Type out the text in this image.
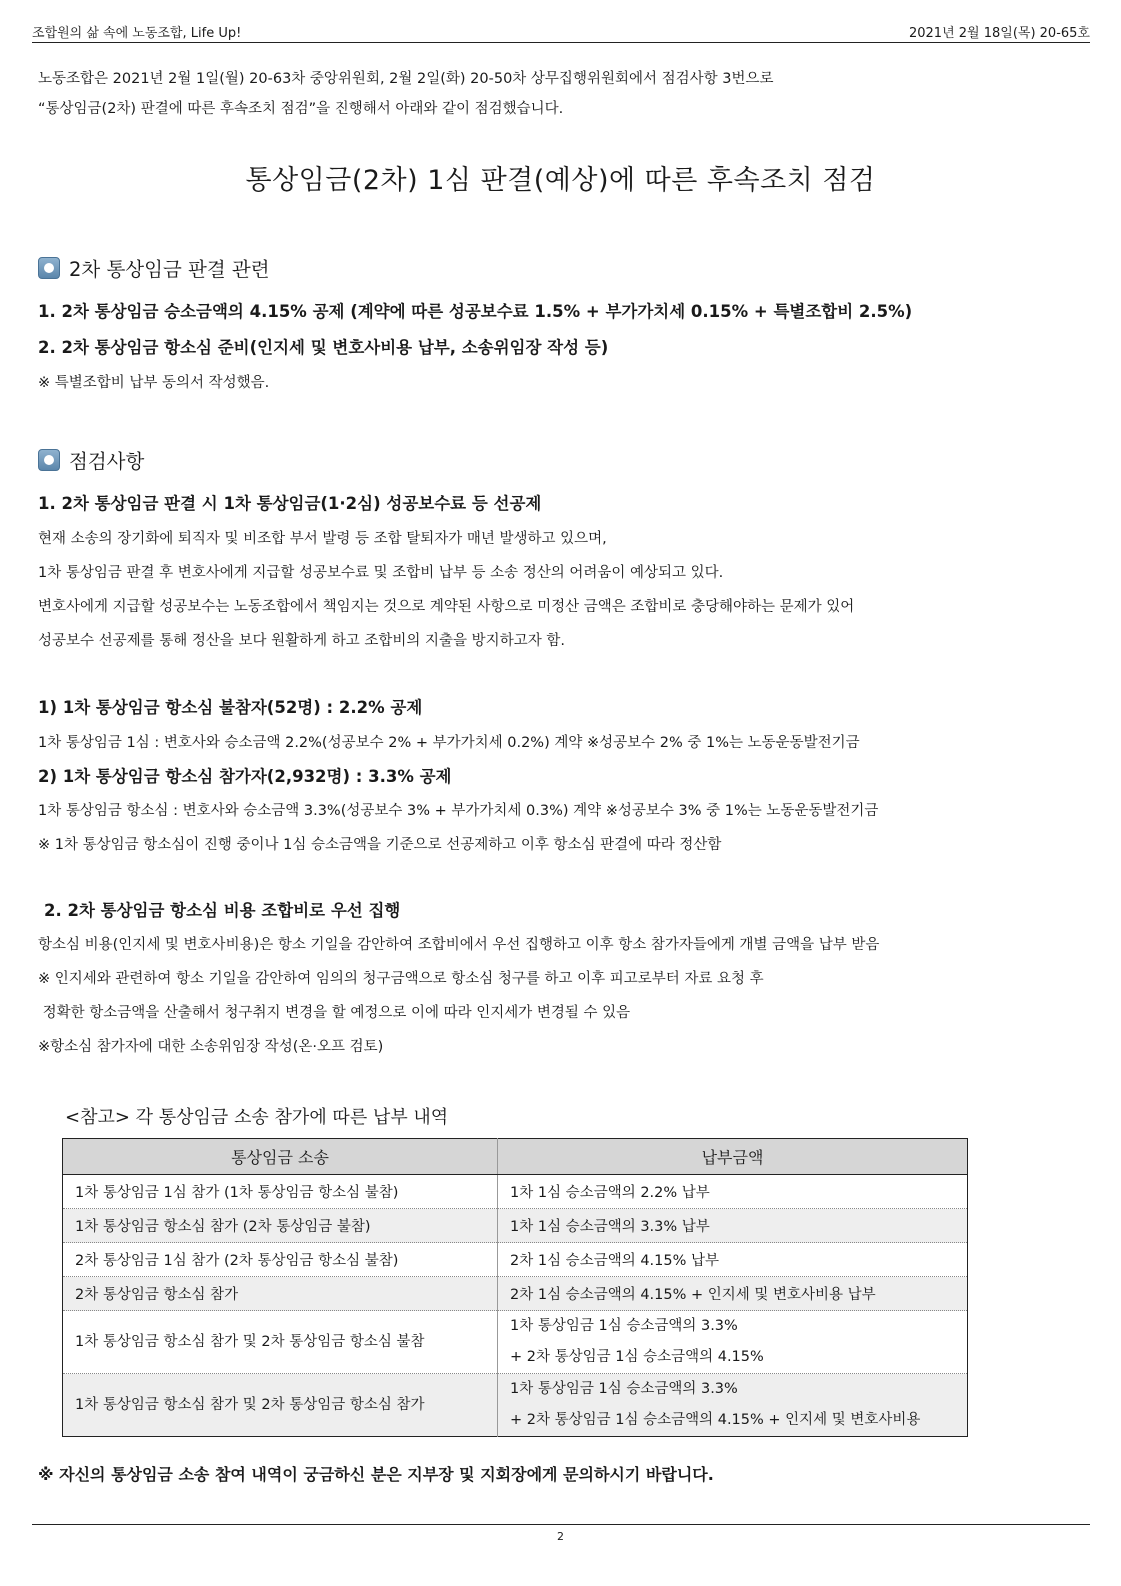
조합원의 삶 속에 노동조합, Life Up!	2021년 2월 18일(목) 20-65호
노동조합은 2021년 2월 1일(월) 20-63차 중앙위원회, 2월 2일(화) 20-50차 상무집행위원회에서 점검사항 3번으로
“통상임금(2차) 판결에 따른 후속조치 점검”을 진행해서 아래와 같이 점검했습니다.
통상임금(2차) 1심 판결(예상)에 따른 후속조치 점검
2차 통상임금 판결 관련
1. 2차 통상임금 승소금액의 4.15% 공제 (계약에 따른 성공보수료 1.5% + 부가가치세 0.15% + 특별조합비 2.5%)
2. 2차 통상임금 항소심 준비(인지세 및 변호사비용 납부, 소송위임장 작성 등)
※ 특별조합비 납부 동의서 작성했음.
점검사항
1. 2차 통상임금 판결 시 1차 통상임금(1·2심) 성공보수료 등 선공제
현재 소송의 장기화에 퇴직자 및 비조합 부서 발령 등 조합 탈퇴자가 매년 발생하고 있으며,
1차 통상임금 판결 후 변호사에게 지급할 성공보수료 및 조합비 납부 등 소송 정산의 어려움이 예상되고 있다.
변호사에게 지급할 성공보수는 노동조합에서 책임지는 것으로 계약된 사항으로 미정산 금액은 조합비로 충당해야하는 문제가 있어
성공보수 선공제를 통해 정산을 보다 원활하게 하고 조합비의 지출을 방지하고자 함.
1) 1차 통상임금 항소심 불참자(52명) : 2.2% 공제
1차 통상임금 1심 : 변호사와 승소금액 2.2%(성공보수 2% + 부가가치세 0.2%) 계약 ※성공보수 2% 중 1%는 노동운동발전기금
2) 1차 통상임금 항소심 참가자(2,932명) : 3.3% 공제
1차 통상임금 항소심 : 변호사와 승소금액 3.3%(성공보수 3% + 부가가치세 0.3%) 계약 ※성공보수 3% 중 1%는 노동운동발전기금
※ 1차 통상임금 항소심이 진행 중이나 1심 승소금액을 기준으로 선공제하고 이후 항소심 판결에 따라 정산함
2. 2차 통상임금 항소심 비용 조합비로 우선 집행
항소심 비용(인지세 및 변호사비용)은 항소 기일을 감안하여 조합비에서 우선 집행하고 이후 항소 참가자들에게 개별 금액을 납부 받음
※ 인지세와 관련하여 항소 기일을 감안하여 임의의 청구금액으로 항소심 청구를 하고 이후 피고로부터 자료 요청 후
정확한 항소금액을 산출해서 청구취지 변경을 할 예정으로 이에 따라 인지세가 변경될 수 있음
※항소심 참가자에 대한 소송위임장 작성(온·오프 검토)
<참고> 각 통상임금 소송 참가에 따른 납부 내역
통상임금 소송	납부금액
1차 통상임금 1심 참가 (1차 통상임금 항소심 불참)	1차 1심 승소금액의 2.2% 납부
1차 통상임금 항소심 참가 (2차 통상임금 불참)	1차 1심 승소금액의 3.3% 납부
2차 통상임금 1심 참가 (2차 통상임금 항소심 불참)	2차 1심 승소금액의 4.15% 납부
2차 통상임금 항소심 참가	2차 1심 승소금액의 4.15% + 인지세 및 변호사비용 납부
1차 통상임금 항소심 참가 및 2차 통상임금 항소심 불참	1차 통상임금 1심 승소금액의 3.3%
+ 2차 통상임금 1심 승소금액의 4.15%

1차 통상임금 항소심 참가 및 2차 통상임금 항소심 참가	1차 통상임금 1심 승소금액의 3.3%
+ 2차 통상임금 1심 승소금액의 4.15% + 인지세 및 변호사비용
※ 자신의 통상임금 소송 참여 내역이 궁금하신 분은 지부장 및 지회장에게 문의하시기 바랍니다.
2
